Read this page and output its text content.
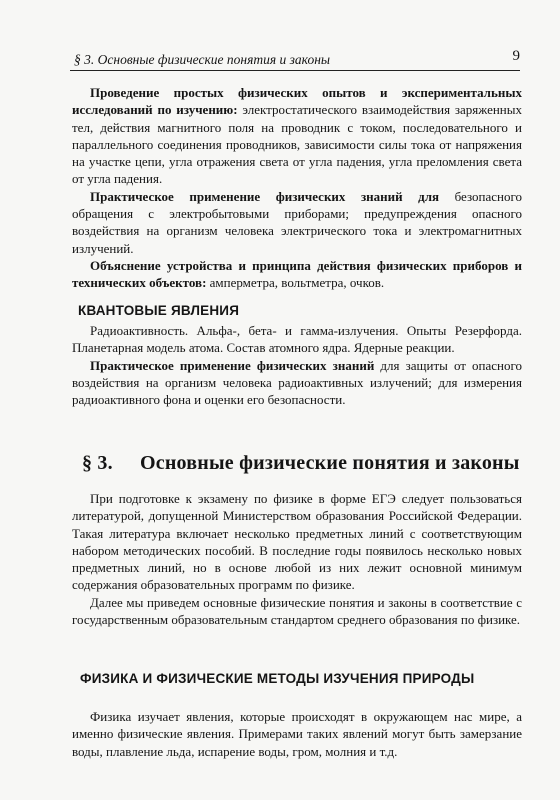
§ 3. Основные физические понятия и законы	9

Проведение простых физических опытов и экспериментальных исследований по изучению: электростатического взаимодействия заряженных тел, действия магнитного поля на проводник с током, последовательного и параллельного соединения проводников, зависимости силы тока от напряжения на участке цепи, угла отражения света от угла падения, угла преломления света от угла падения.

Практическое применение физических знаний для безопасного обращения с электробытовыми приборами; предупреждения опасного воздействия на организм человека электрического тока и электромагнитных излучений.

Объяснение устройства и принципа действия физических приборов и технических объектов: амперметра, вольтметра, очков.

КВАНТОВЫЕ ЯВЛЕНИЯ

Радиоактивность. Альфа-, бета- и гамма-излучения. Опыты Резерфорда. Планетарная модель атома. Состав атомного ядра. Ядерные реакции.

Практическое применение физических знаний для защиты от опасного воздействия на организм человека радиоактивных излучений; для измерения радиоактивного фона и оценки его безопасности.

§ 3. Основные физические понятия и законы

При подготовке к экзамену по физике в форме ЕГЭ следует пользоваться литературой, допущенной Министерством образования Российской Федерации. Такая литература включает несколько предметных линий с соответствующим набором методических пособий. В последние годы появилось несколько новых предметных линий, но в основе любой из них лежит основной минимум содержания образовательных программ по физике.

Далее мы приведем основные физические понятия и законы в соответствие с государственным образовательным стандартом среднего образования по физике.

ФИЗИКА И ФИЗИЧЕСКИЕ МЕТОДЫ ИЗУЧЕНИЯ ПРИРОДЫ

Физика изучает явления, которые происходят в окружающем нас мире, а именно физические явления. Примерами таких явлений могут быть замерзание воды, плавление льда, испарение воды, гром, молния и т.д.
